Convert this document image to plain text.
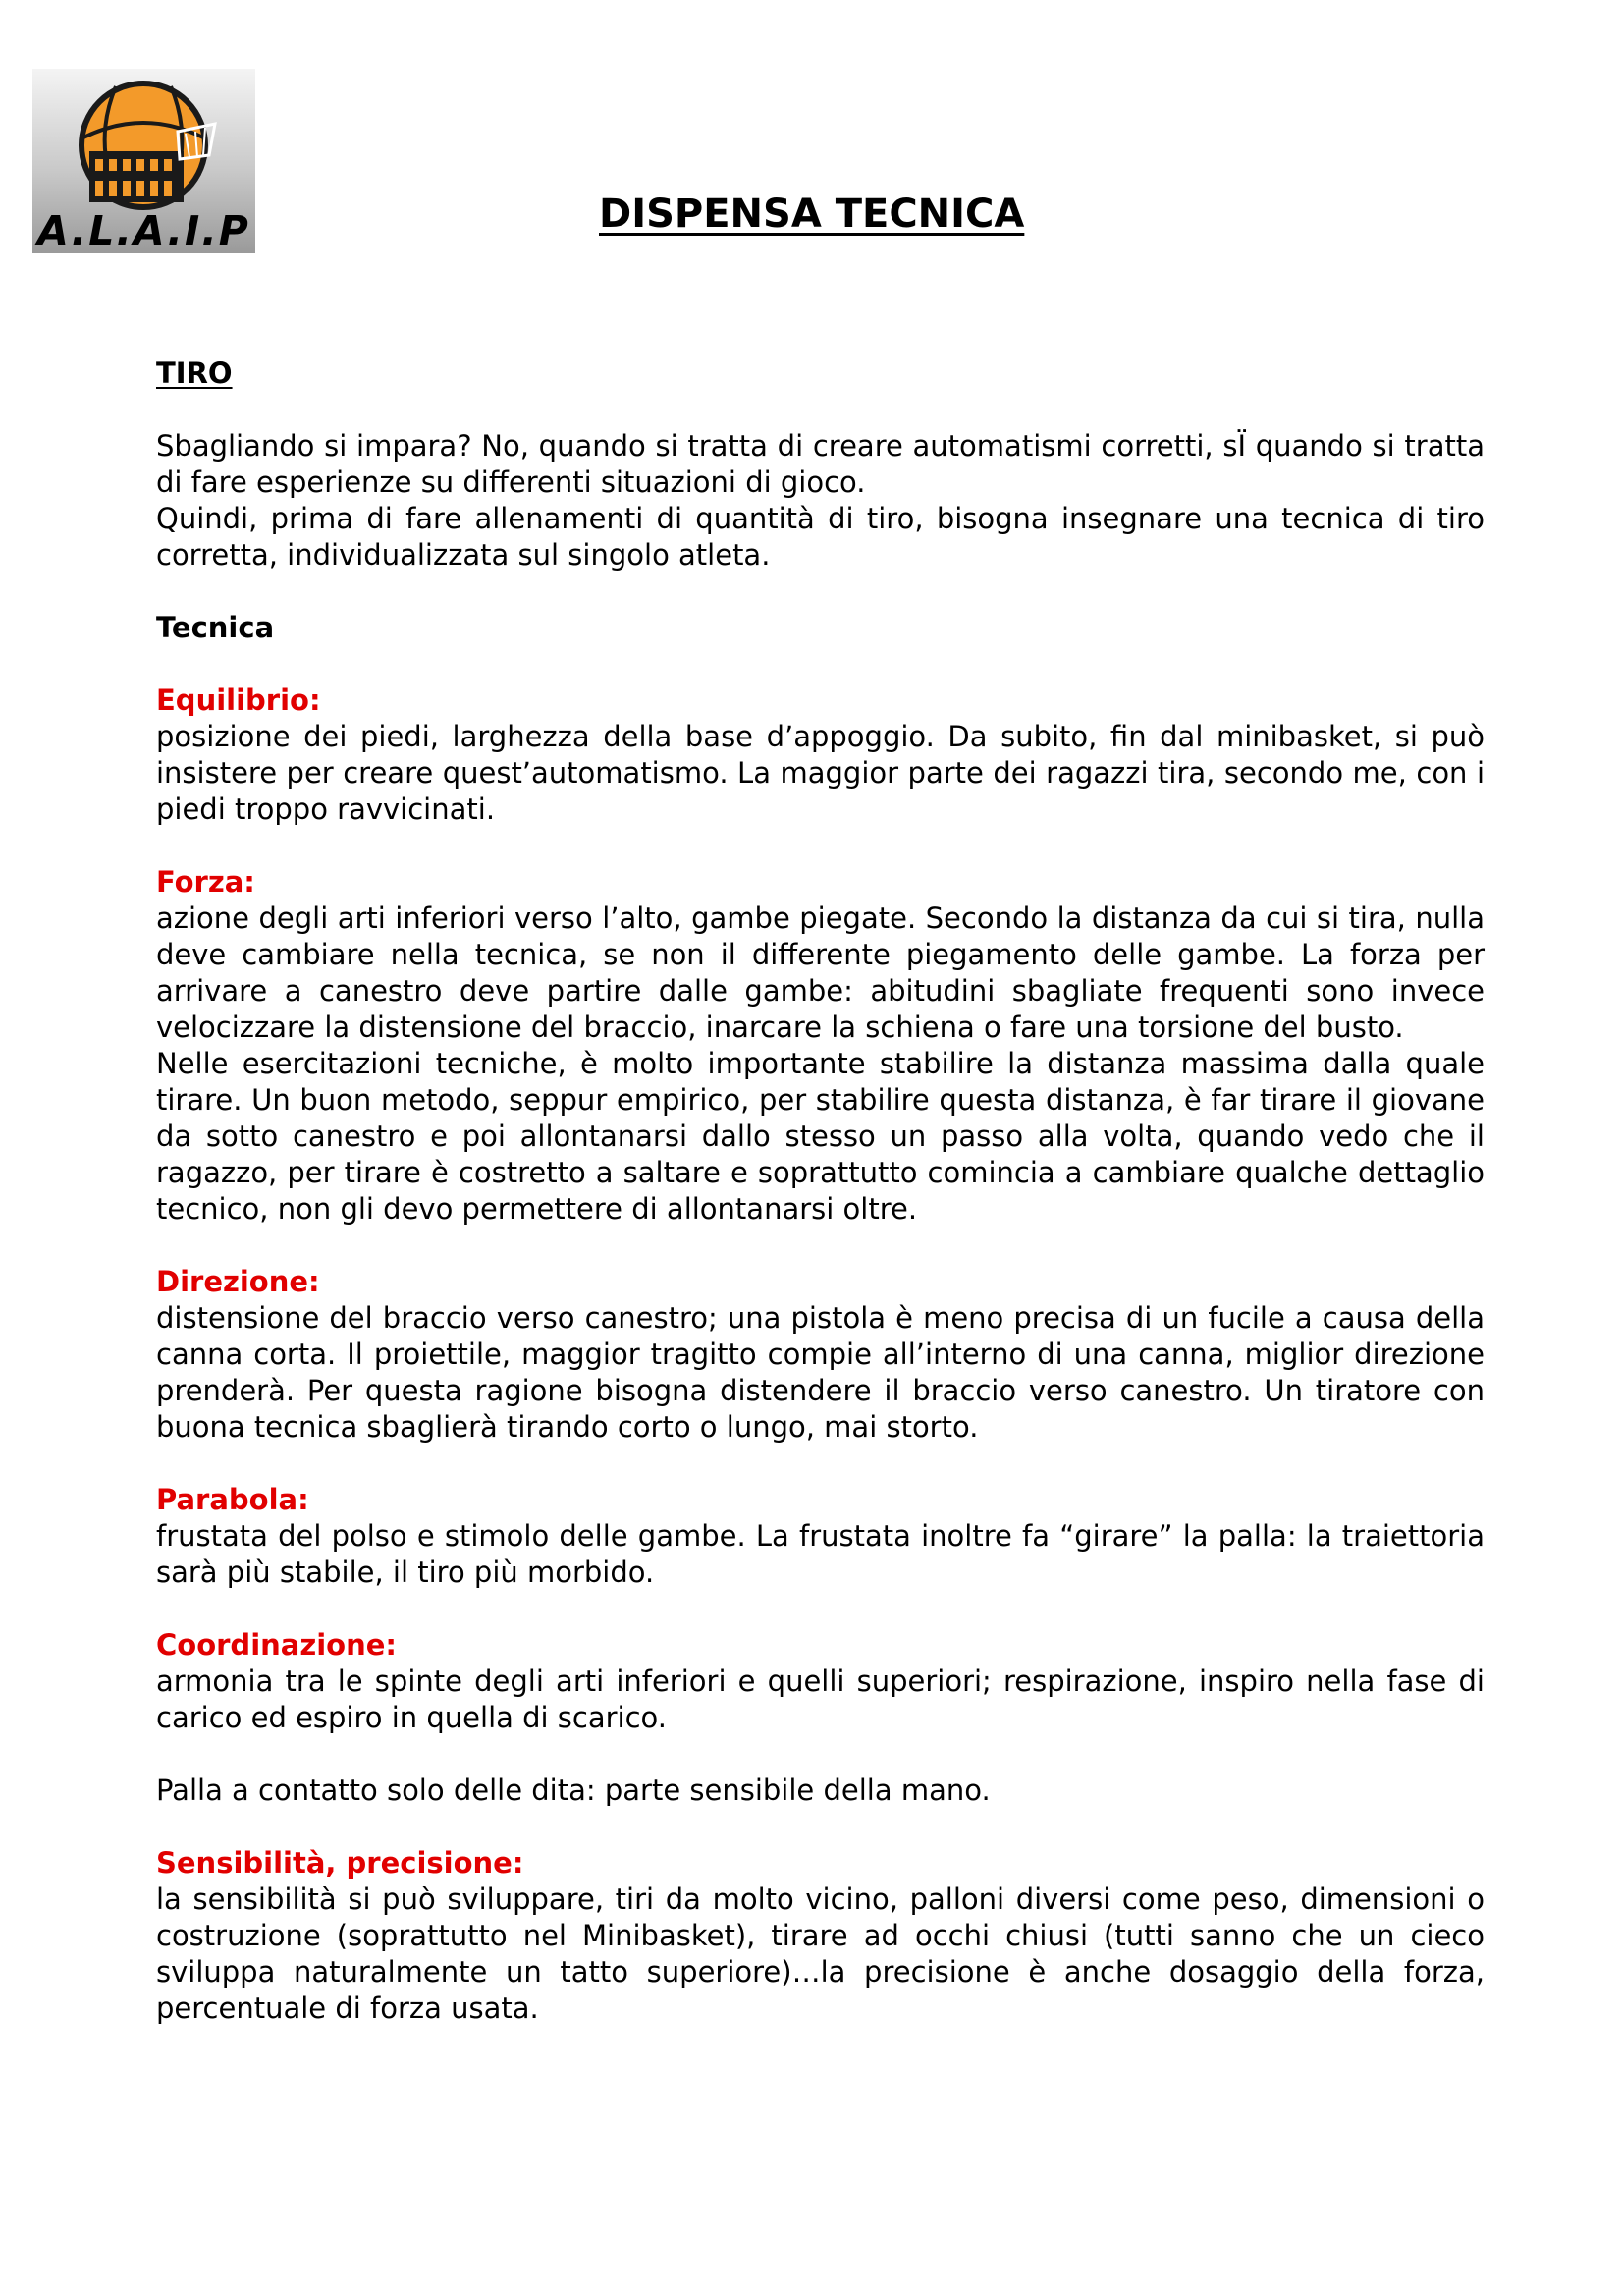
A.L.A.I.P	DISPENSA TECNICA
TIRO

Sbagliando si impara? No, quando si tratta di creare automatismi corretti, sÏ quando si tratta di fare esperienze su differenti situazioni di gioco.

Quindi, prima di fare allenamenti di quantità di tiro, bisogna insegnare una tecnica di tiro corretta, individualizzata sul singolo atleta.

Tecnica
Equilibrio:

posizione dei piedi, larghezza della base d’appoggio. Da subito, fin dal minibasket, si può insistere per creare quest’automatismo. La maggior parte dei ragazzi tira, secondo me, con i piedi troppo ravvicinati.

Forza:

azione degli arti inferiori verso l’alto, gambe piegate. Secondo la distanza da cui si tira, nulla deve cambiare nella tecnica, se non il differente piegamento delle gambe. La forza per arrivare a canestro deve partire dalle gambe: abitudini sbagliate frequenti sono invece velocizzare la distensione del braccio, inarcare la schiena o fare una torsione del busto.

Nelle esercitazioni tecniche, è molto importante stabilire la distanza massima dalla quale tirare. Un buon metodo, seppur empirico, per stabilire questa distanza, è far tirare il giovane da sotto canestro e poi allontanarsi dallo stesso un passo alla volta, quando vedo che il ragazzo, per tirare è costretto a saltare e soprattutto comincia a cambiare qualche dettaglio tecnico, non gli devo permettere di allontanarsi oltre.

Direzione:

distensione del braccio verso canestro; una pistola è meno precisa di un fucile a causa della canna corta. Il proiettile, maggior tragitto compie all’interno di una canna, miglior direzione prenderà. Per questa ragione bisogna distendere il braccio verso canestro. Un tiratore con buona tecnica sbaglierà tirando corto o lungo, mai storto.

Parabola:

frustata del polso e stimolo delle gambe. La frustata inoltre fa “girare” la palla: la traiettoria sarà più stabile, il tiro più morbido.

Coordinazione:

armonia tra le spinte degli arti inferiori e quelli superiori; respirazione, inspiro nella fase di carico ed espiro in quella di scarico.

Palla a contatto solo delle dita: parte sensibile della mano.

Sensibilità, precisione:

la sensibilità si può sviluppare, tiri da molto vicino, palloni diversi come peso, dimensioni o costruzione (soprattutto nel Minibasket), tirare ad occhi chiusi (tutti sanno che un cieco sviluppa naturalmente un tatto superiore)…la precisione è anche dosaggio della forza, percentuale di forza usata.
